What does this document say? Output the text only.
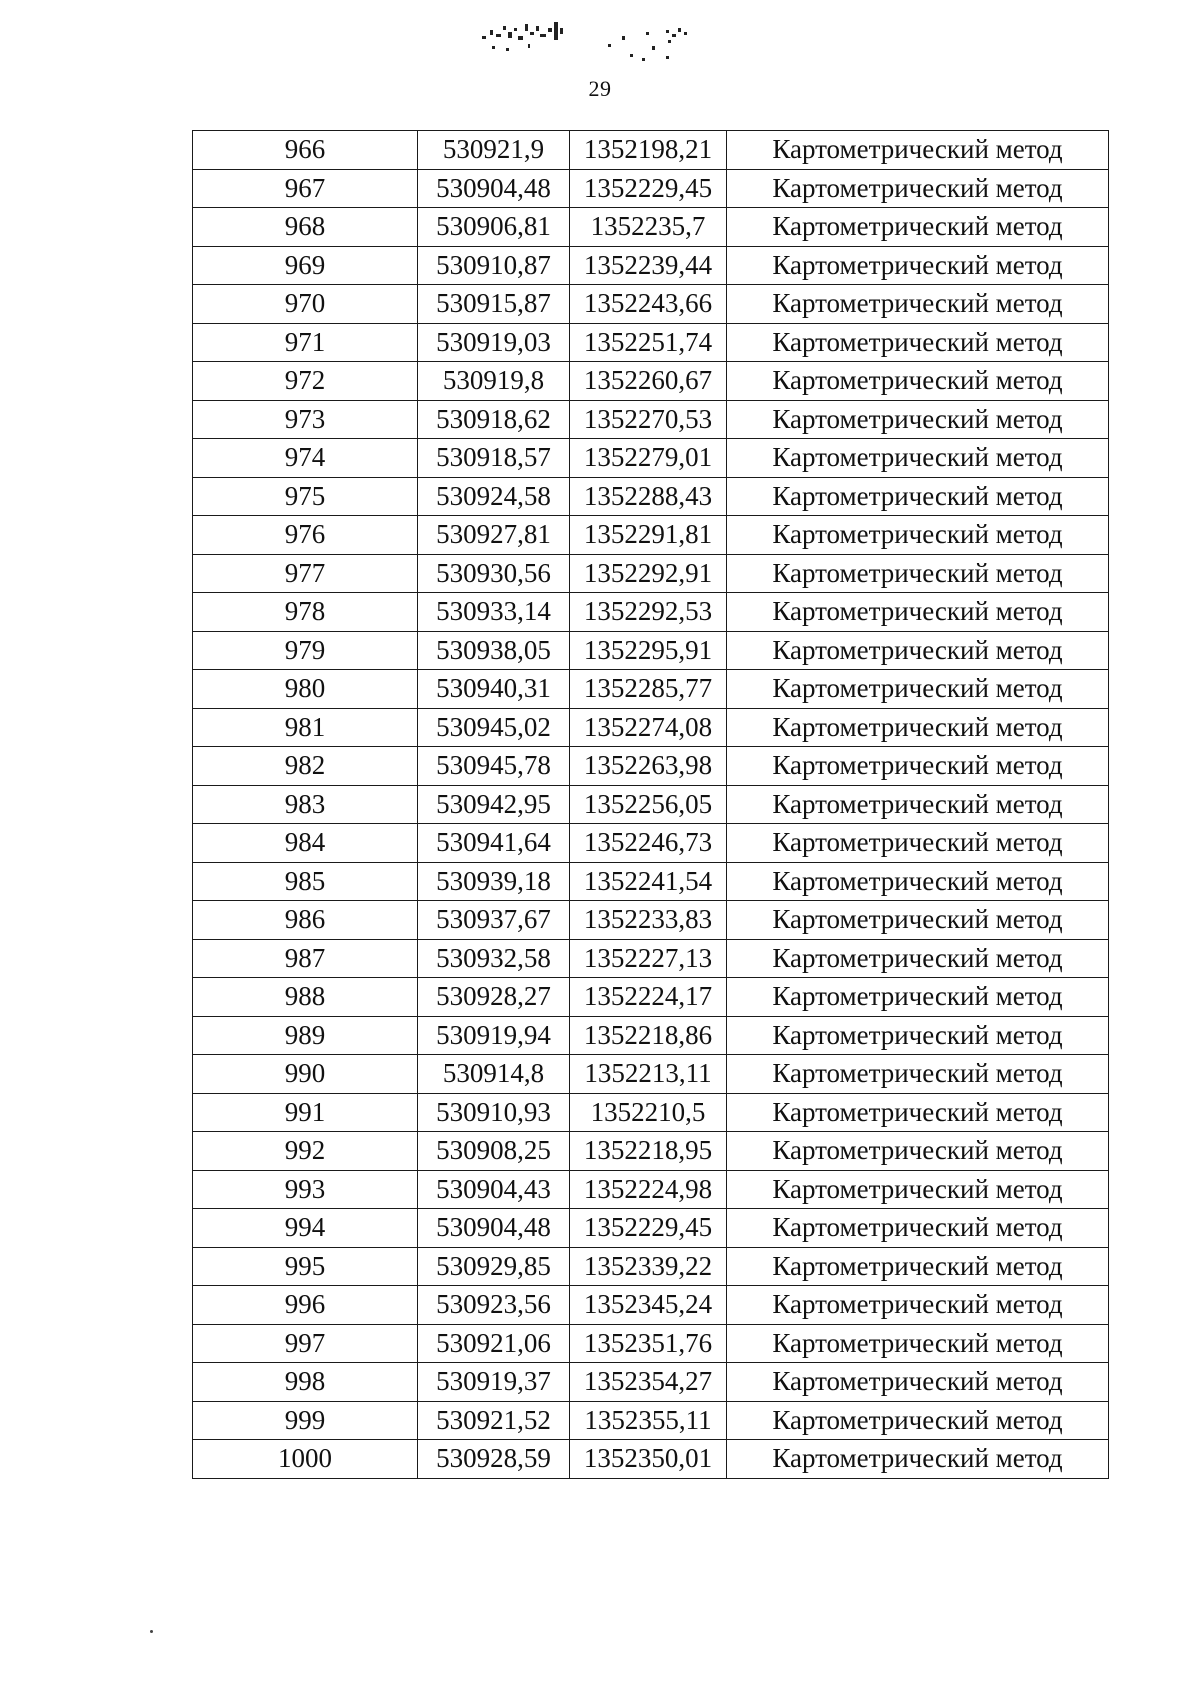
29
966	530921,9	1352198,21	Картометрический метод
967	530904,48	1352229,45	Картометрический метод
968	530906,81	1352235,7	Картометрический метод
969	530910,87	1352239,44	Картометрический метод
970	530915,87	1352243,66	Картометрический метод
971	530919,03	1352251,74	Картометрический метод
972	530919,8	1352260,67	Картометрический метод
973	530918,62	1352270,53	Картометрический метод
974	530918,57	1352279,01	Картометрический метод
975	530924,58	1352288,43	Картометрический метод
976	530927,81	1352291,81	Картометрический метод
977	530930,56	1352292,91	Картометрический метод
978	530933,14	1352292,53	Картометрический метод
979	530938,05	1352295,91	Картометрический метод
980	530940,31	1352285,77	Картометрический метод
981	530945,02	1352274,08	Картометрический метод
982	530945,78	1352263,98	Картометрический метод
983	530942,95	1352256,05	Картометрический метод
984	530941,64	1352246,73	Картометрический метод
985	530939,18	1352241,54	Картометрический метод
986	530937,67	1352233,83	Картометрический метод
987	530932,58	1352227,13	Картометрический метод
988	530928,27	1352224,17	Картометрический метод
989	530919,94	1352218,86	Картометрический метод
990	530914,8	1352213,11	Картометрический метод
991	530910,93	1352210,5	Картометрический метод
992	530908,25	1352218,95	Картометрический метод
993	530904,43	1352224,98	Картометрический метод
994	530904,48	1352229,45	Картометрический метод
995	530929,85	1352339,22	Картометрический метод
996	530923,56	1352345,24	Картометрический метод
997	530921,06	1352351,76	Картометрический метод
998	530919,37	1352354,27	Картометрический метод
999	530921,52	1352355,11	Картометрический метод
1000	530928,59	1352350,01	Картометрический метод
